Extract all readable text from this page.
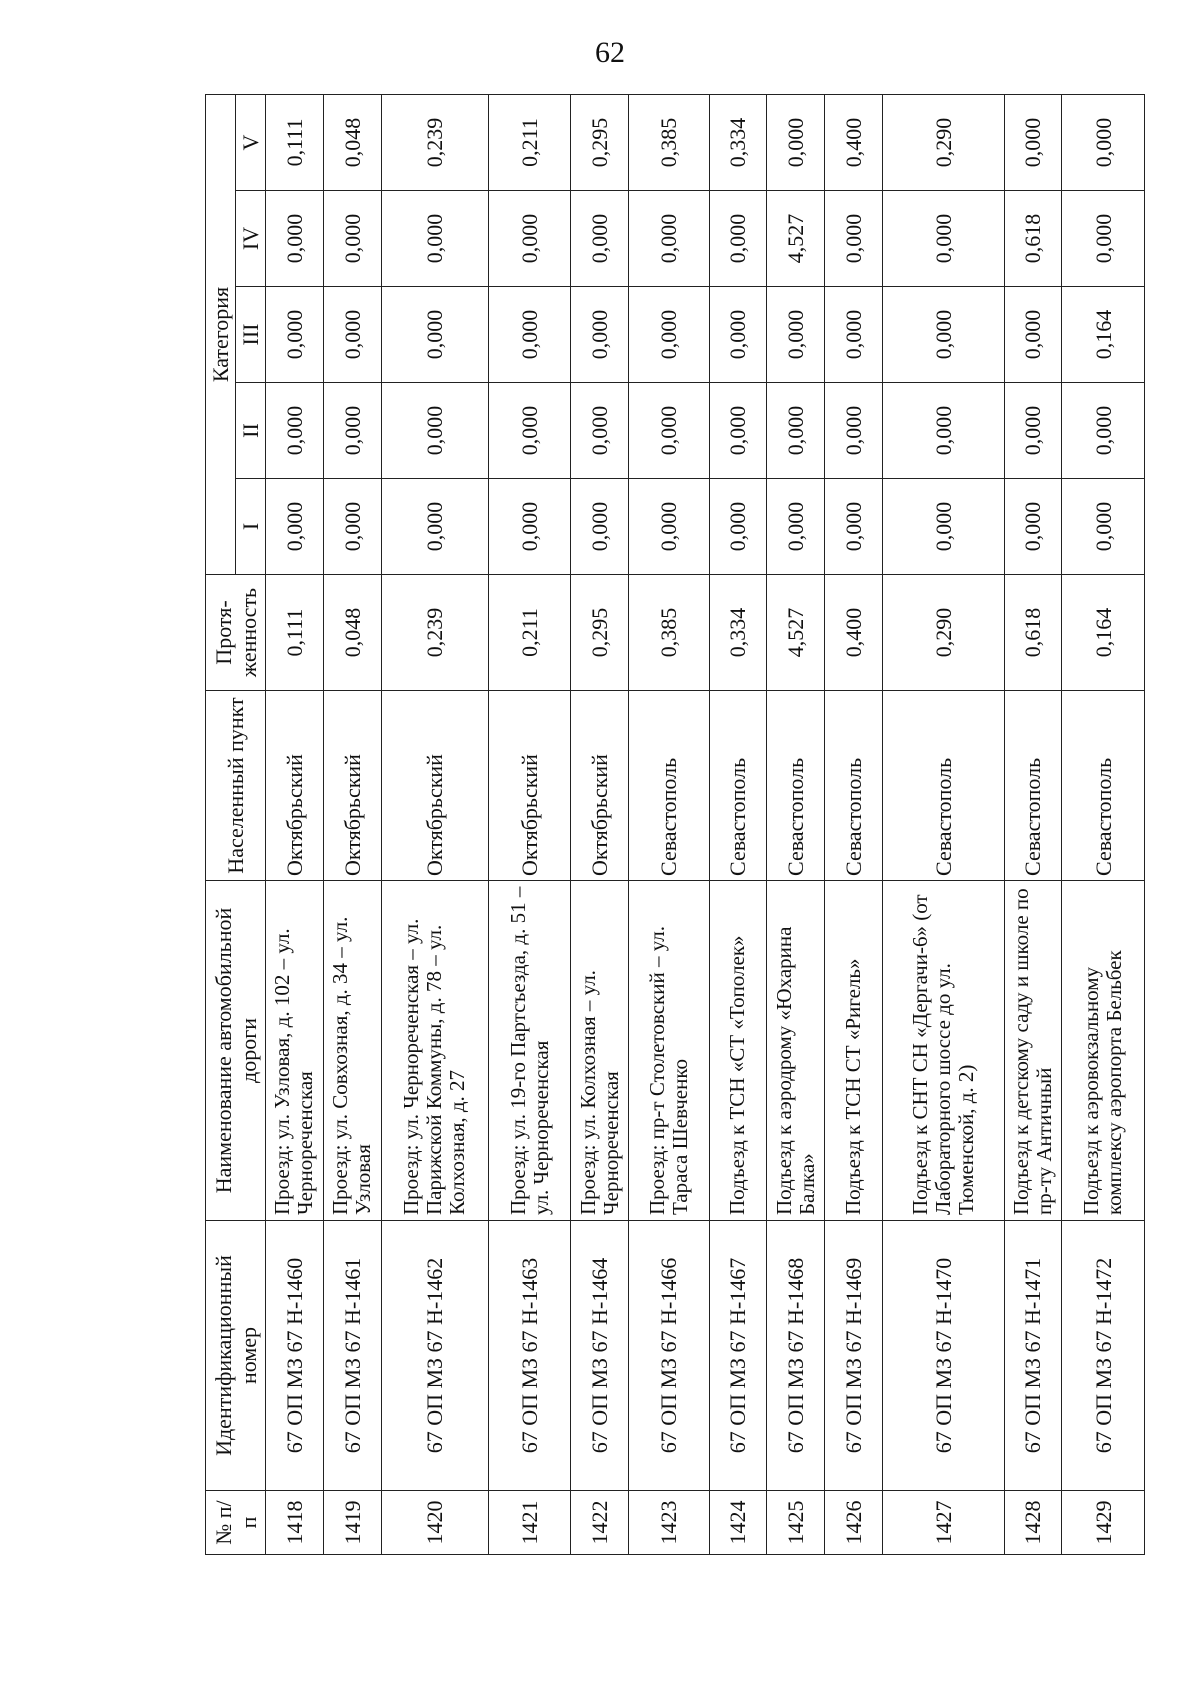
62
№ п/п	Идентификационный номер	Наименование автомобильной дороги	Населенный пункт	Протя-женность	Категория				
					I	II	III	IV	V
1418	67 ОП МЗ 67 Н-1460	Проезд: ул. Узловая, д. 102 – ул. Чернореченская	Октябрьский	0,111	0,000	0,000	0,000	0,000	0,111
1419	67 ОП МЗ 67 Н-1461	Проезд: ул. Совхозная, д. 34 – ул. Узловая	Октябрьский	0,048	0,000	0,000	0,000	0,000	0,048
1420	67 ОП МЗ 67 Н-1462	Проезд: ул. Чернореченская – ул. Парижской Коммуны, д. 78 – ул. Колхозная, д. 27	Октябрьский	0,239	0,000	0,000	0,000	0,000	0,239
1421	67 ОП МЗ 67 Н-1463	Проезд: ул. 19-го Партсъезда, д. 51 – ул. Чернореченская	Октябрьский	0,211	0,000	0,000	0,000	0,000	0,211
1422	67 ОП МЗ 67 Н-1464	Проезд: ул. Колхозная – ул. Чернореченская	Октябрьский	0,295	0,000	0,000	0,000	0,000	0,295
1423	67 ОП МЗ 67 Н-1466	Проезд: пр-т Столетовский – ул. Тараса Шевченко	Севастополь	0,385	0,000	0,000	0,000	0,000	0,385
1424	67 ОП МЗ 67 Н-1467	Подъезд к ТСН «СТ «Тополек»	Севастополь	0,334	0,000	0,000	0,000	0,000	0,334
1425	67 ОП МЗ 67 Н-1468	Подъезд к аэродрому «Юхарина Балка»	Севастополь	4,527	0,000	0,000	0,000	4,527	0,000
1426	67 ОП МЗ 67 Н-1469	Подъезд к ТСН СТ «Ригель»	Севастополь	0,400	0,000	0,000	0,000	0,000	0,400
1427	67 ОП МЗ 67 Н-1470	Подъезд к СНТ СН «Дергачи-6» (от Лабораторного шоссе до ул. Тюменской, д. 2)	Севастополь	0,290	0,000	0,000	0,000	0,000	0,290
1428	67 ОП МЗ 67 Н-1471	Подъезд к детскому саду и школе по пр-ту Античный	Севастополь	0,618	0,000	0,000	0,000	0,618	0,000
1429	67 ОП МЗ 67 Н-1472	Подъезд к аэровокзальному комплексу аэропорта Бельбек	Севастополь	0,164	0,000	0,000	0,164	0,000	0,000
